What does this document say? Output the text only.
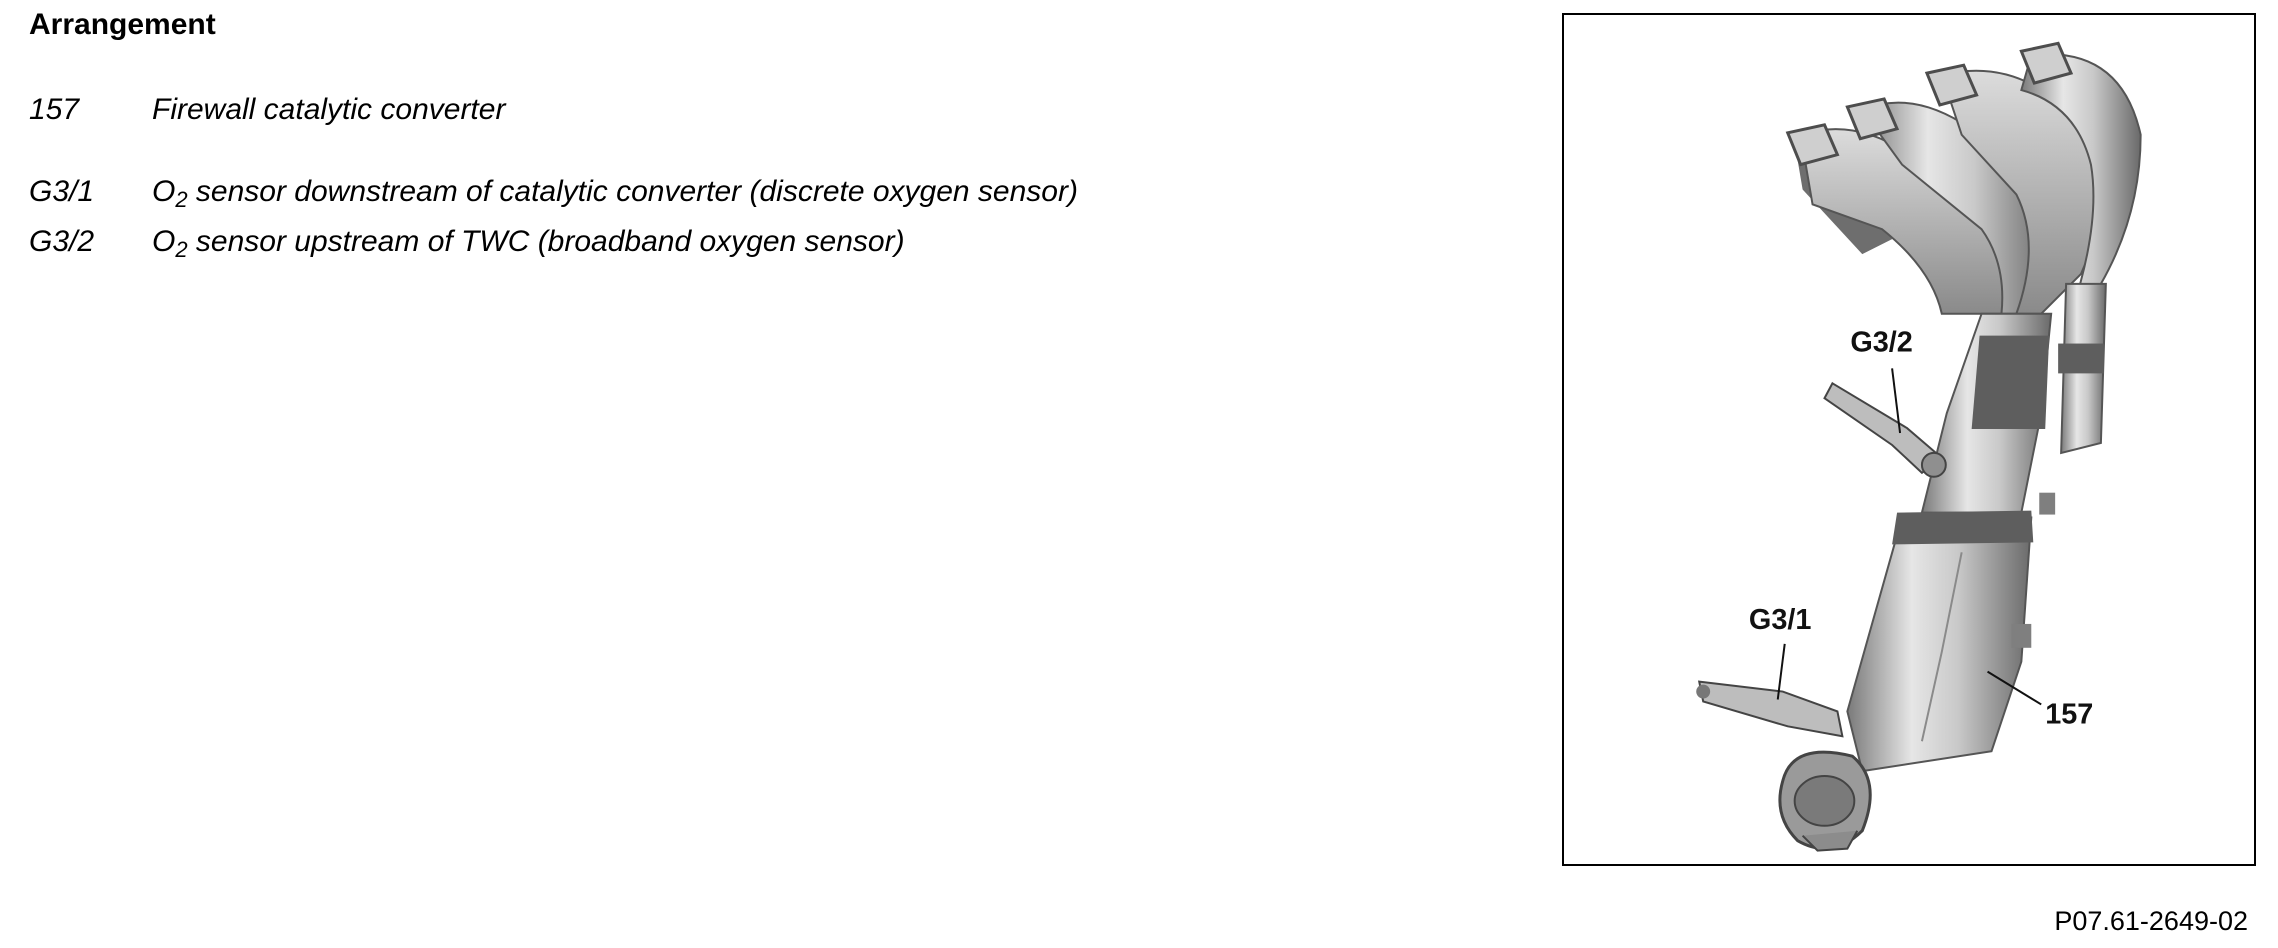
Arrangement
157	Firewall catalytic converter
G3/1	$O_2$ sensor downstream of catalytic converter (discrete oxygen sensor)
G3/2	$O_2$ sensor upstream of TWC (broadband oxygen sensor)
G3/2
G3/1
157
P07.61-2649-02
